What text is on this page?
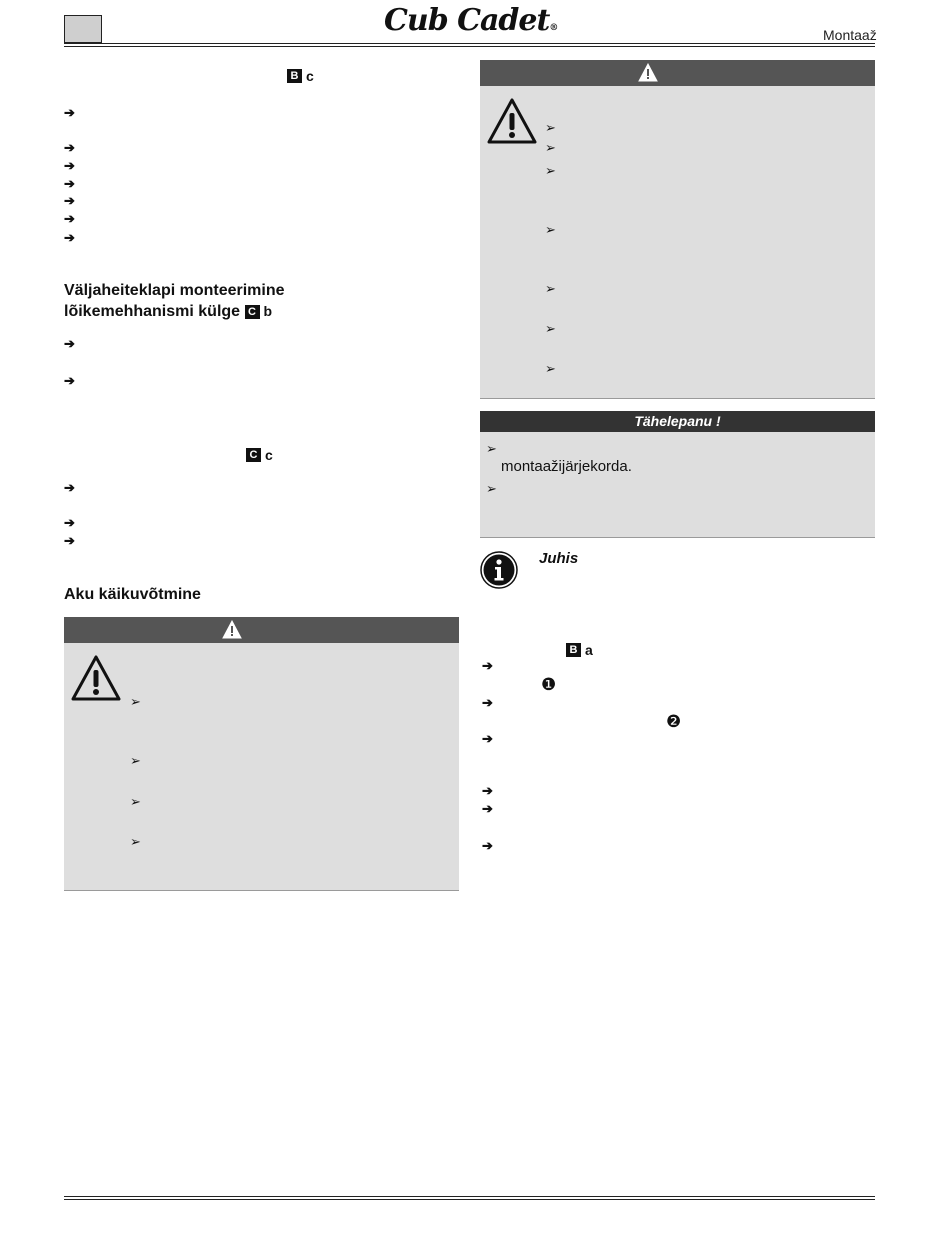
Cub Cadet®	Montaaž
B c
➔
➔
➔
➔
➔
➔
➔
Väljaheiteklapi monteerimine
lõikemehhanismi külge C b
➔
➔
C c
➔
➔
➔
Aku käikuvõtmine
➢
➢
➢
➢
➢
➢
➢
➢
➢
➢
➢
Tähelepanu !
➢
montaažijärjekorda.
➢
Juhis
B a
➔
❶
➔
❷
➔
➔
➔
➔
